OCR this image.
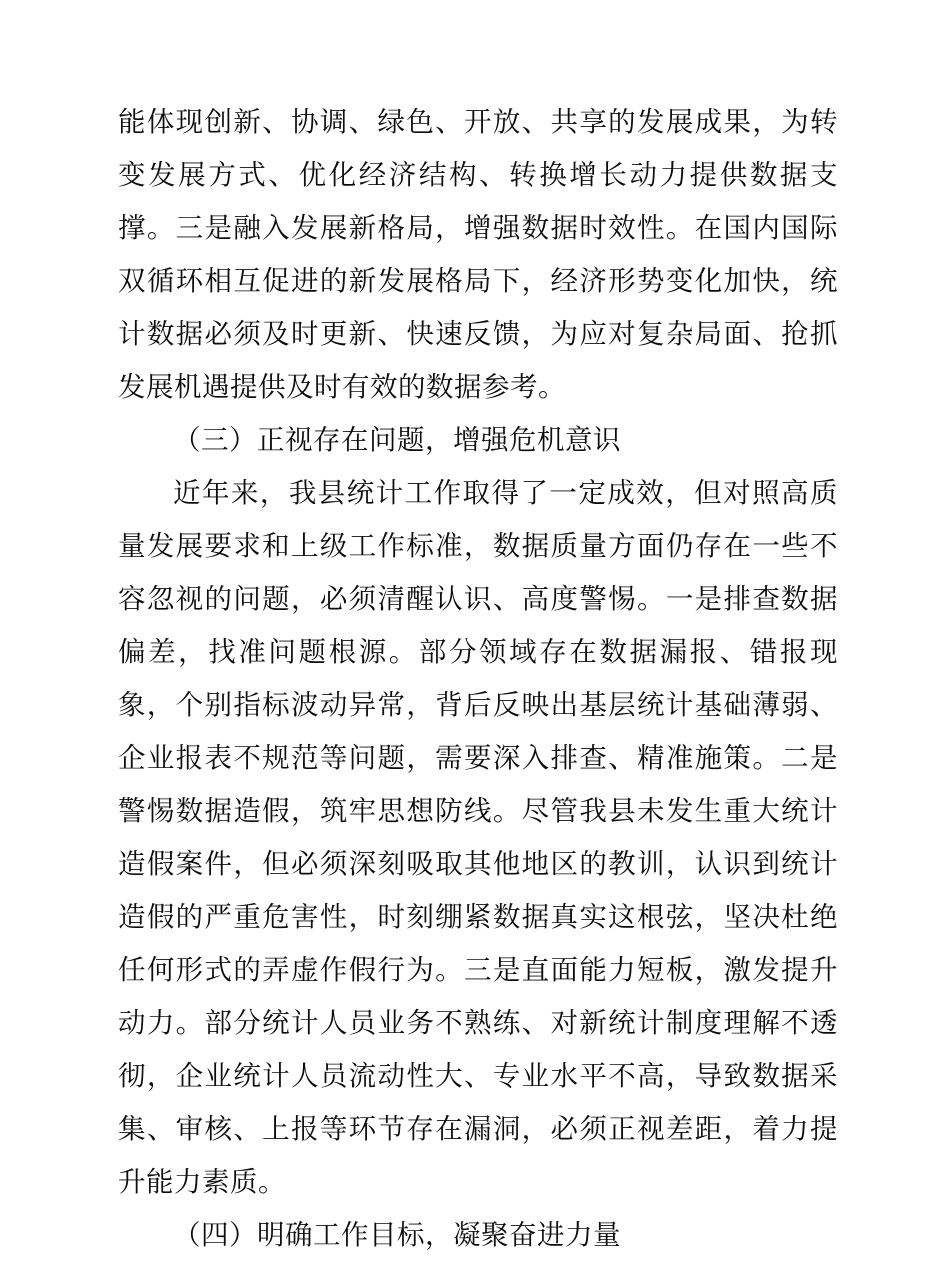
能体现创新、协调、绿色、开放、共享的发展成果，为转变发展方式、优化经济结构、转换增长动力提供数据支撑。三是融入发展新格局，增强数据时效性。在国内国际双循环相互促进的新发展格局下，经济形势变化加快，统计数据必须及时更新、快速反馈，为应对复杂局面、抢抓发展机遇提供及时有效的数据参考。

（三）正视存在问题，增强危机意识

近年来，我县统计工作取得了一定成效，但对照高质量发展要求和上级工作标准，数据质量方面仍存在一些不容忽视的问题，必须清醒认识、高度警惕。一是排查数据偏差，找准问题根源。部分领域存在数据漏报、错报现象，个别指标波动异常，背后反映出基层统计基础薄弱、企业报表不规范等问题，需要深入排查、精准施策。二是警惕数据造假，筑牢思想防线。尽管我县未发生重大统计造假案件，但必须深刻吸取其他地区的教训，认识到统计造假的严重危害性，时刻绷紧数据真实这根弦，坚决杜绝任何形式的弄虚作假行为。三是直面能力短板，激发提升动力。部分统计人员业务不熟练、对新统计制度理解不透彻，企业统计人员流动性大、专业水平不高，导致数据采集、审核、上报等环节存在漏洞，必须正视差距，着力提升能力素质。

（四）明确工作目标，凝聚奋进力量
